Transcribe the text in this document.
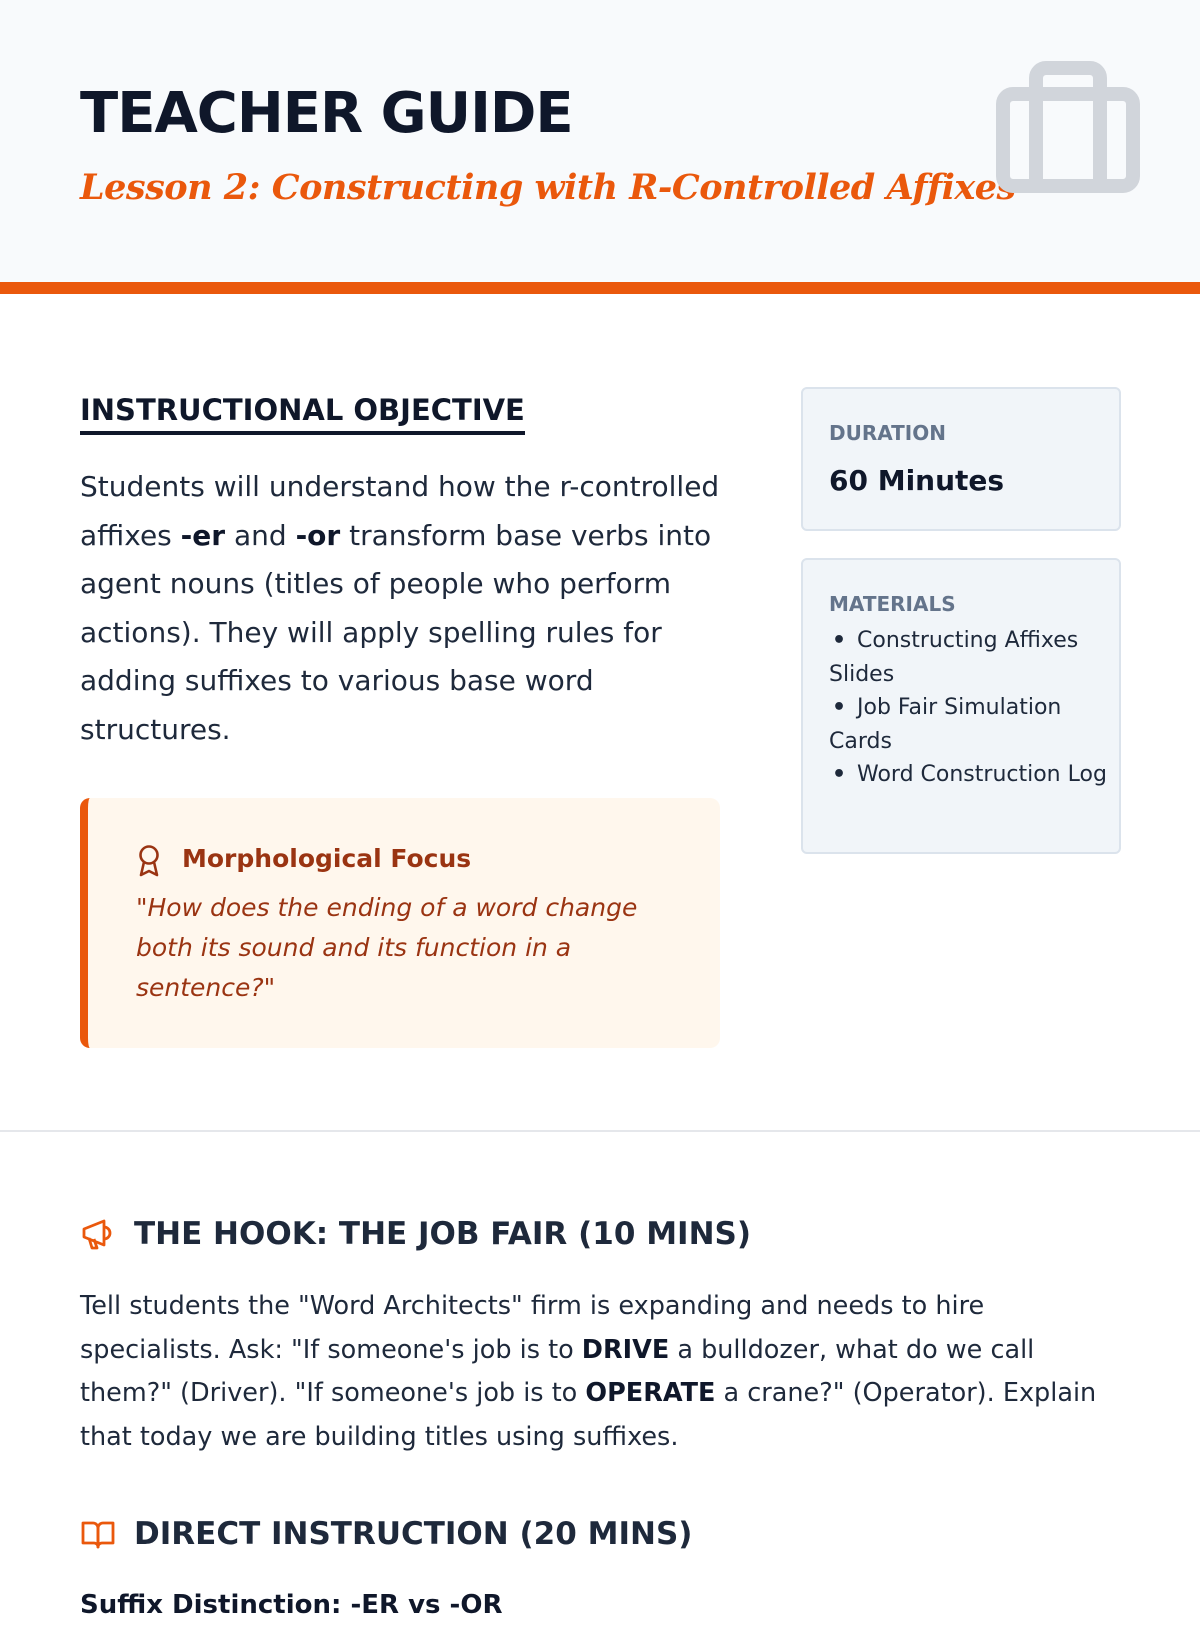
TEACHER GUIDE
Lesson 2: Constructing with R-Controlled Affixes
INSTRUCTIONAL OBJECTIVE

Students will understand how the r-controlled affixes -er and -or transform base verbs into agent nouns (titles of people who perform actions). They will apply spelling rules for adding suffixes to various base word structures.

Morphological Focus

"How does the ending of a word change both its sound and its function in a sentence?"

DURATION
60 Minutes
MATERIALS
• Constructing Affixes Slides
• Job Fair Simulation Cards
• Word Construction Log
THE HOOK: THE JOB FAIR (10 MINS)

Tell students the "Word Architects" firm is expanding and needs to hire specialists. Ask: "If someone's job is to DRIVE a bulldozer, what do we call them?" (Driver). "If someone's job is to OPERATE a crane?" (Operator). Explain that today we are building titles using suffixes.

DIRECT INSTRUCTION (20 MINS)
Suffix Distinction: -ER vs -OR
